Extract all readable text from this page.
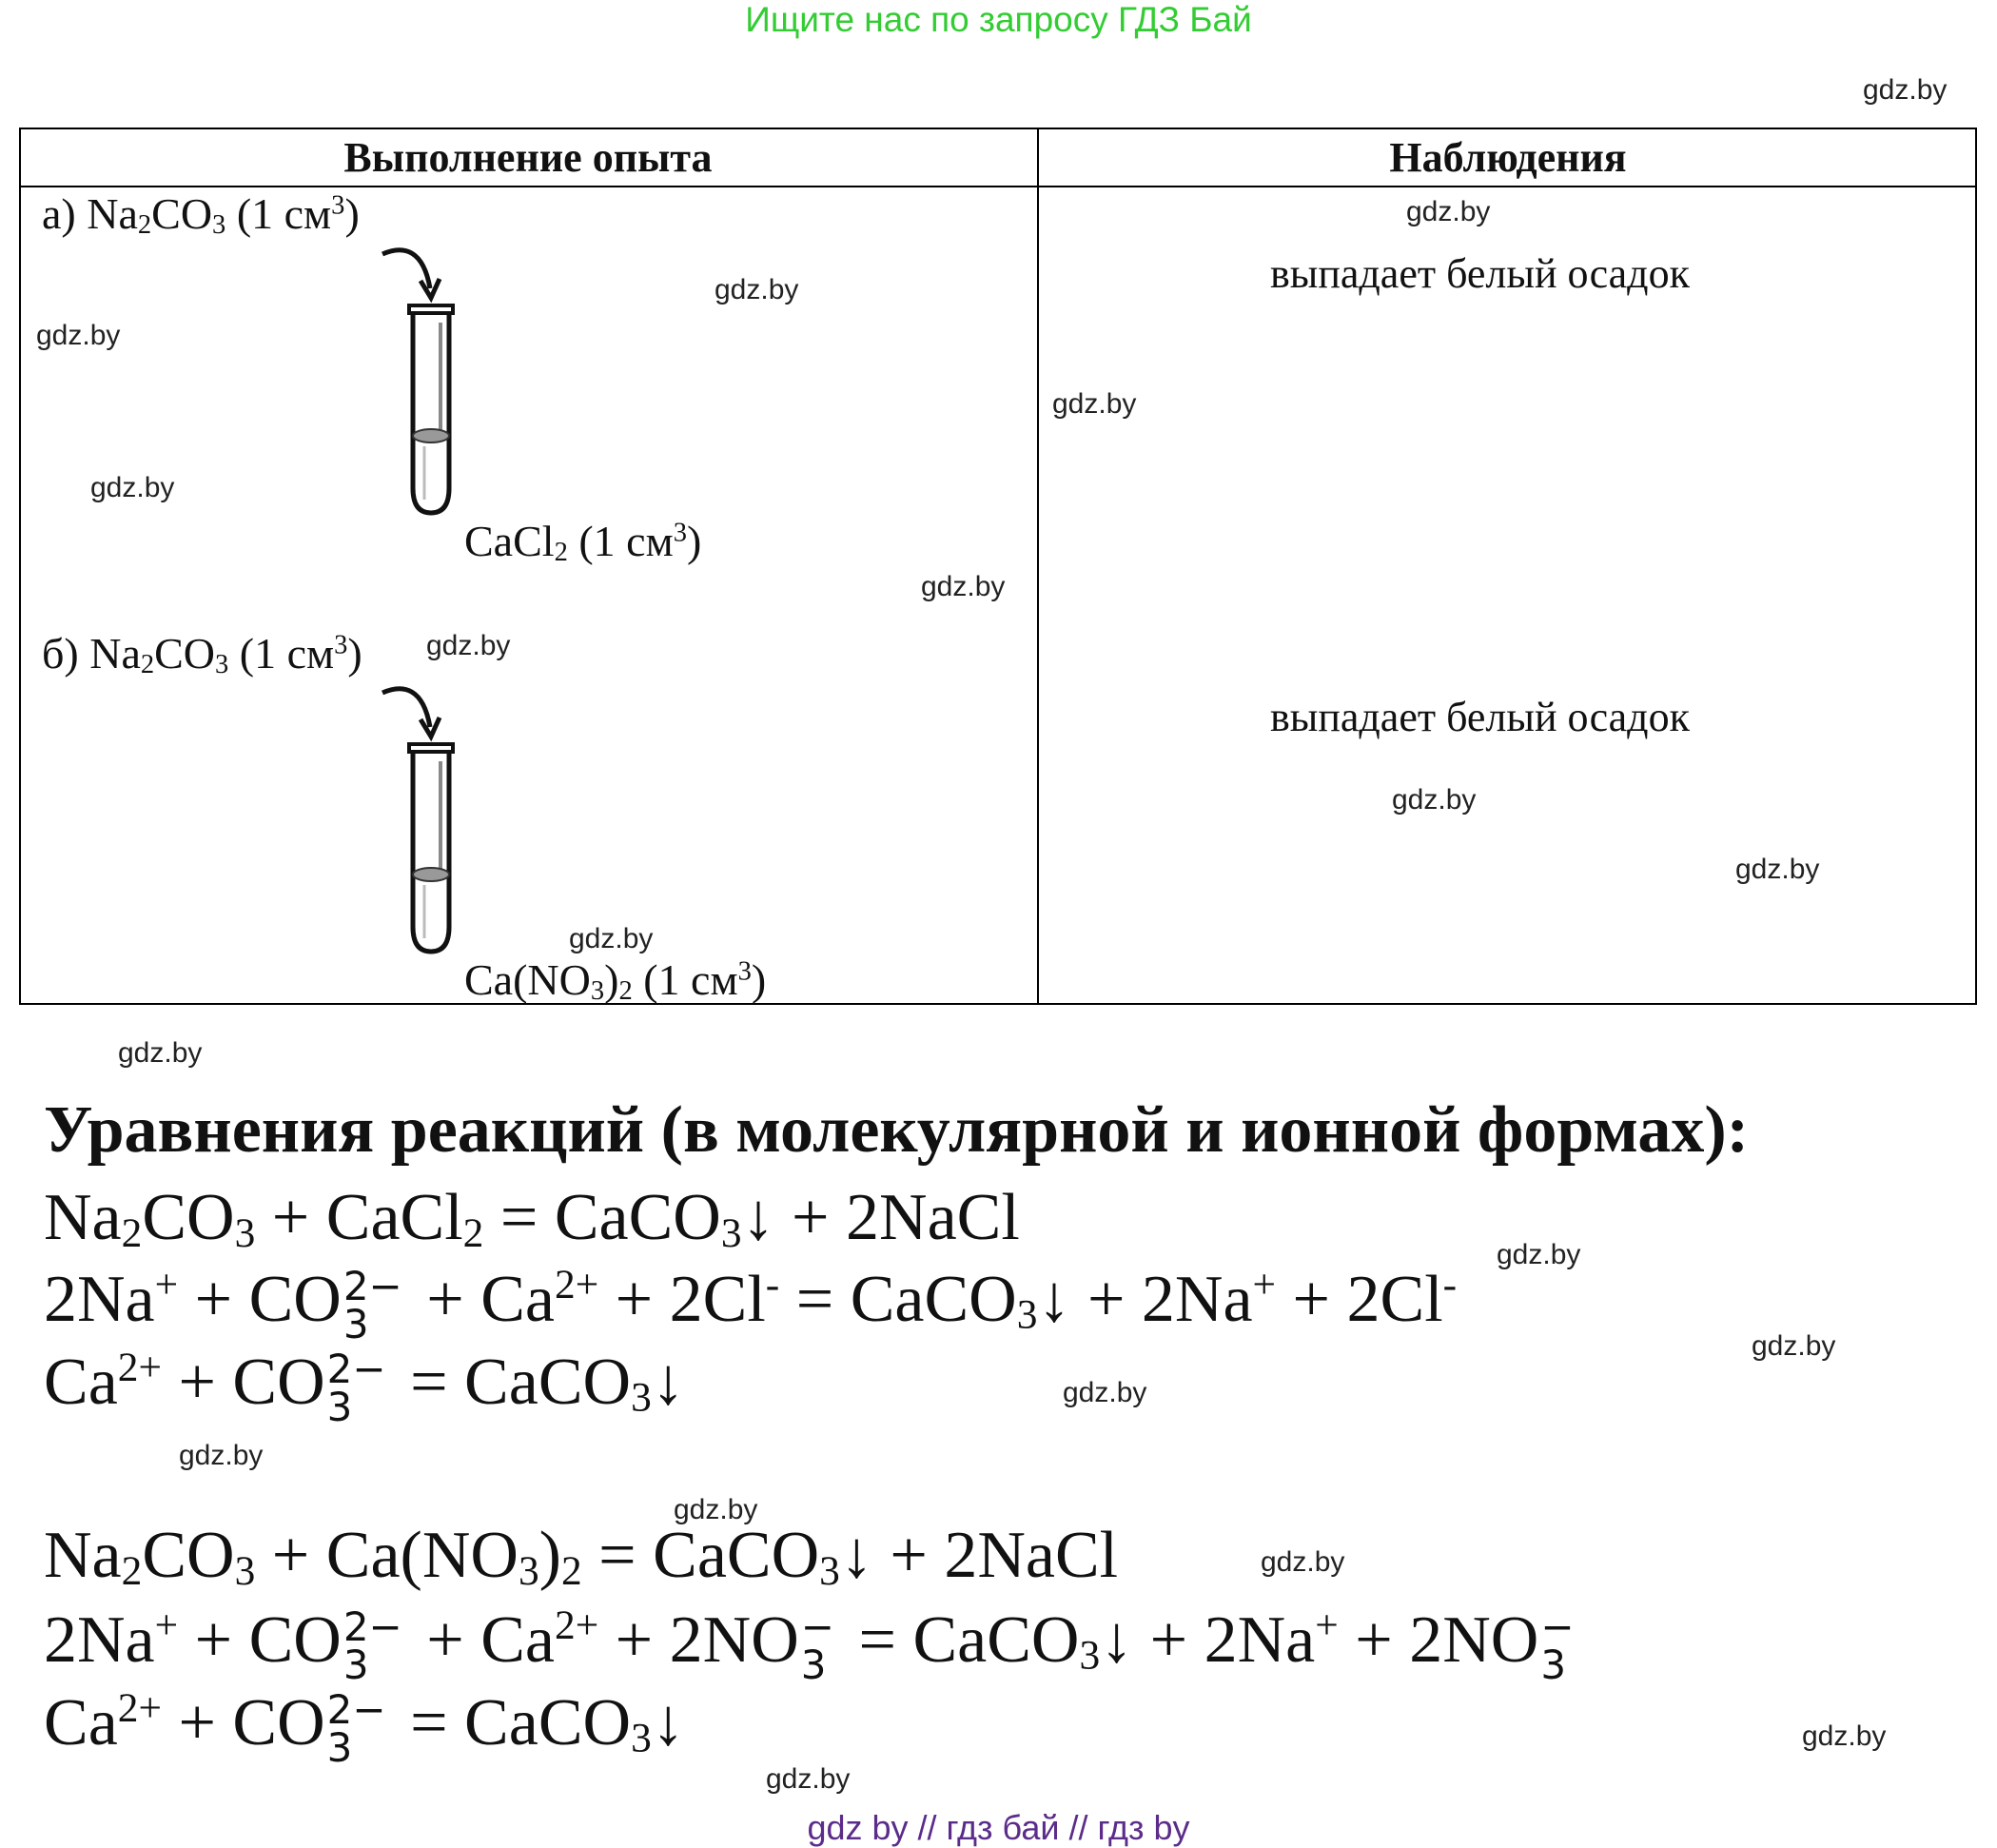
Ищите нас по запросу ГДЗ Бай
Выполнение опыта	Наблюдения
а) $Na_2CO_3$ (1 $см^3$)
CaCl$_2$ (1 $см^3$)
выпадает белый осадок
б) $Na_2CO_3$ (1 $см^3$)
$Ca(NO_3)_2$ (1 $см^3$)
выпадает белый осадок
Уравнения реакций (в молекулярной и ионной формах):
$Na_2CO_3$ + CaCl$_2$ = CaCO$_3$↓ + 2NaCl
2Na+ + CO 2−
$3 + Ca^{2+} + 2Cl^-$ = CaCO$_3$↓ + 2Na+ + 2Cl-
$Ca^{2+}$ + CO 2−
3 = CaCO$_3$↓
$Na_2CO_3 + Ca(NO_3)_2$ = CaCO$_3$↓ + 2NaCl
2Na+ + CO 2−
$3 + Ca^{2+} + 2NO$ −
3 = CaCO$_3$↓ + 2Na+ + 2NO −
3
$Ca^{2+}$ + CO 2−
3 = CaCO$_3$↓
gdz.by
gdz.by
gdz.by
gdz.by
gdz.by
gdz.by
gdz.by
gdz.by
gdz.by
gdz.by
gdz.by
gdz.by
gdz.by
gdz.by
gdz.by
gdz.by
gdz.by
gdz.by
gdz.by
gdz.by
gdz by // гдз бай // гдз by
